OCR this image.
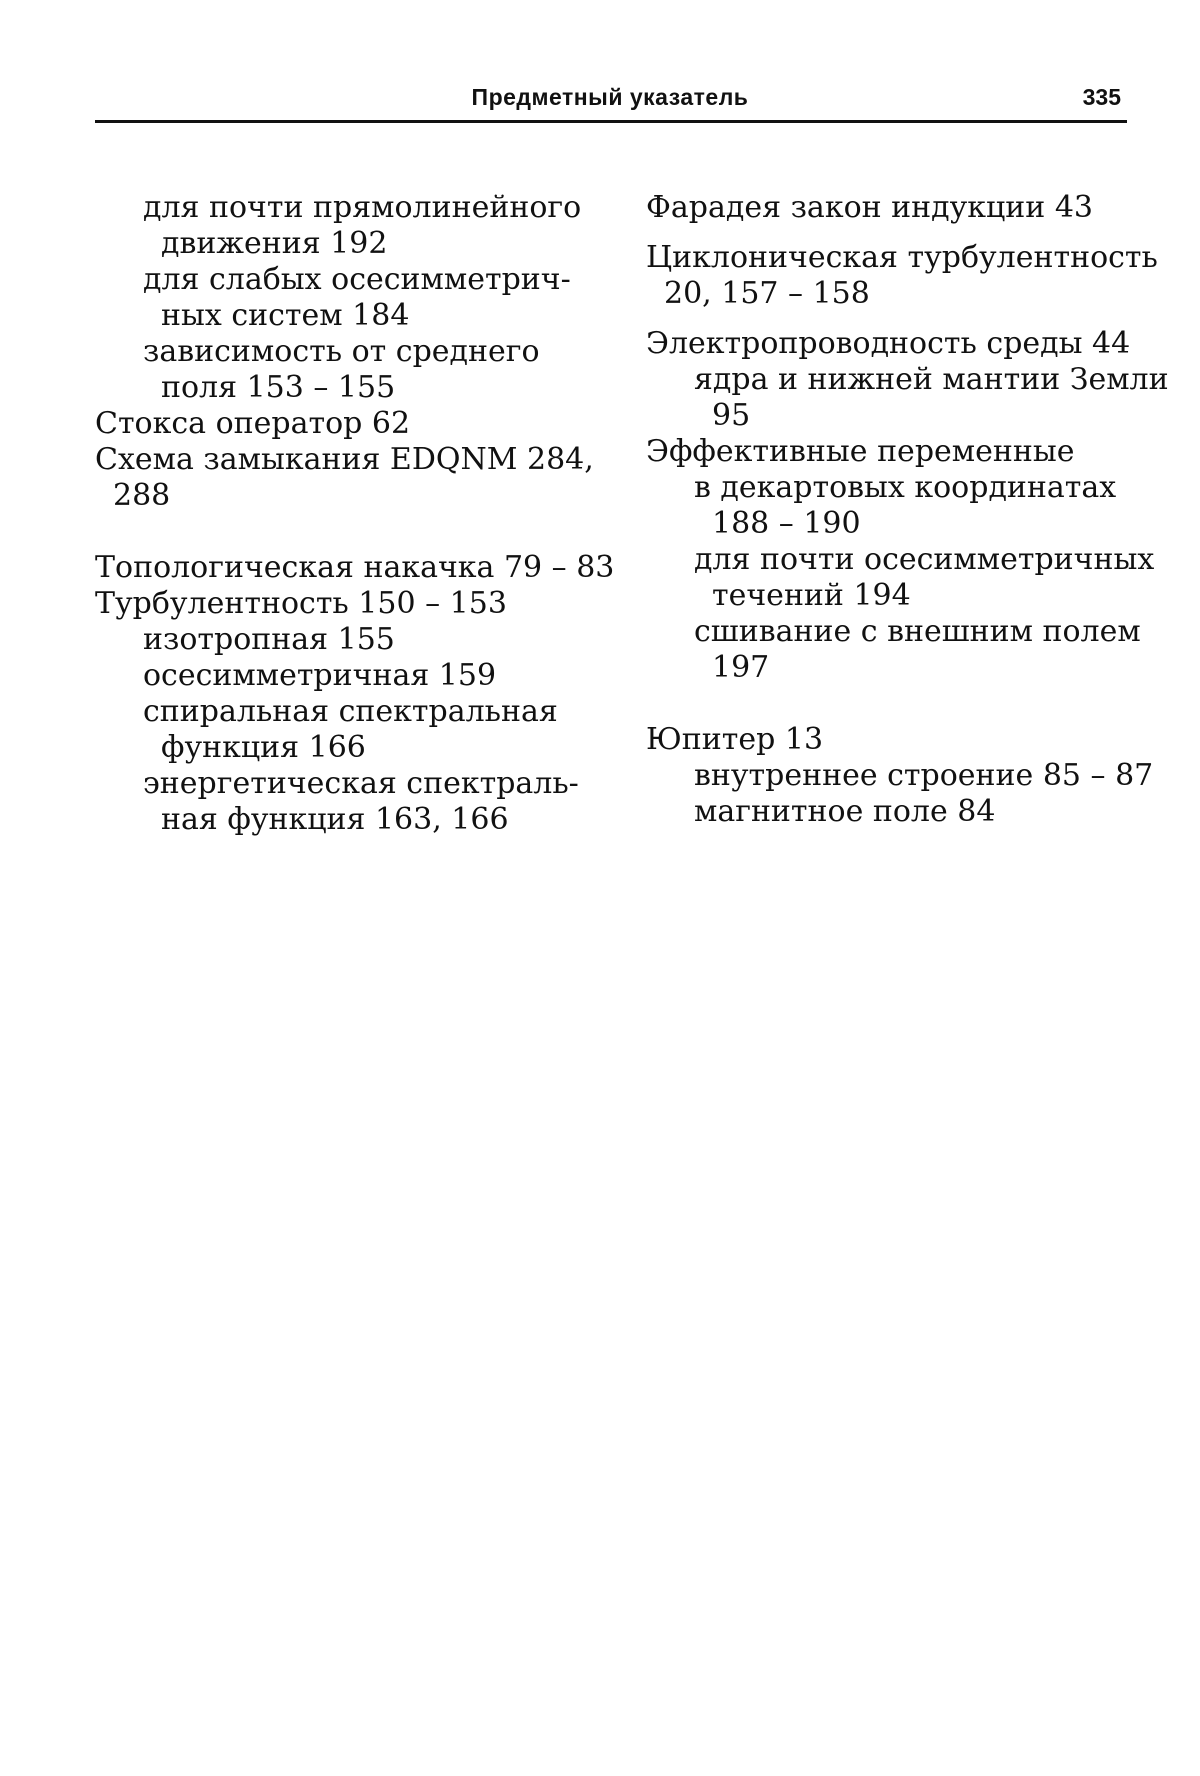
Предметный указатель	335
для почти прямолинейного
движения 192
для слабых осесимметрич-
ных систем 184
зависимость от среднего
поля 153 – 155
Стокса оператор 62
Схема замыкания EDQNM 284,
288
Топологическая накачка 79 – 83
Турбулентность 150 – 153
изотропная 155
осесимметричная 159
спиральная спектральная
функция 166
энергетическая спектраль-
ная функция 163, 166
Фарадея закон индукции 43
Циклоническая турбулентность
20, 157 – 158
Электропроводность среды 44
ядра и нижней мантии Земли
95
Эффективные переменные
в декартовых координатах
188 – 190
для почти осесимметричных
течений 194
сшивание с внешним полем
197
Юпитер 13
внутреннее строение 85 – 87
магнитное поле 84
